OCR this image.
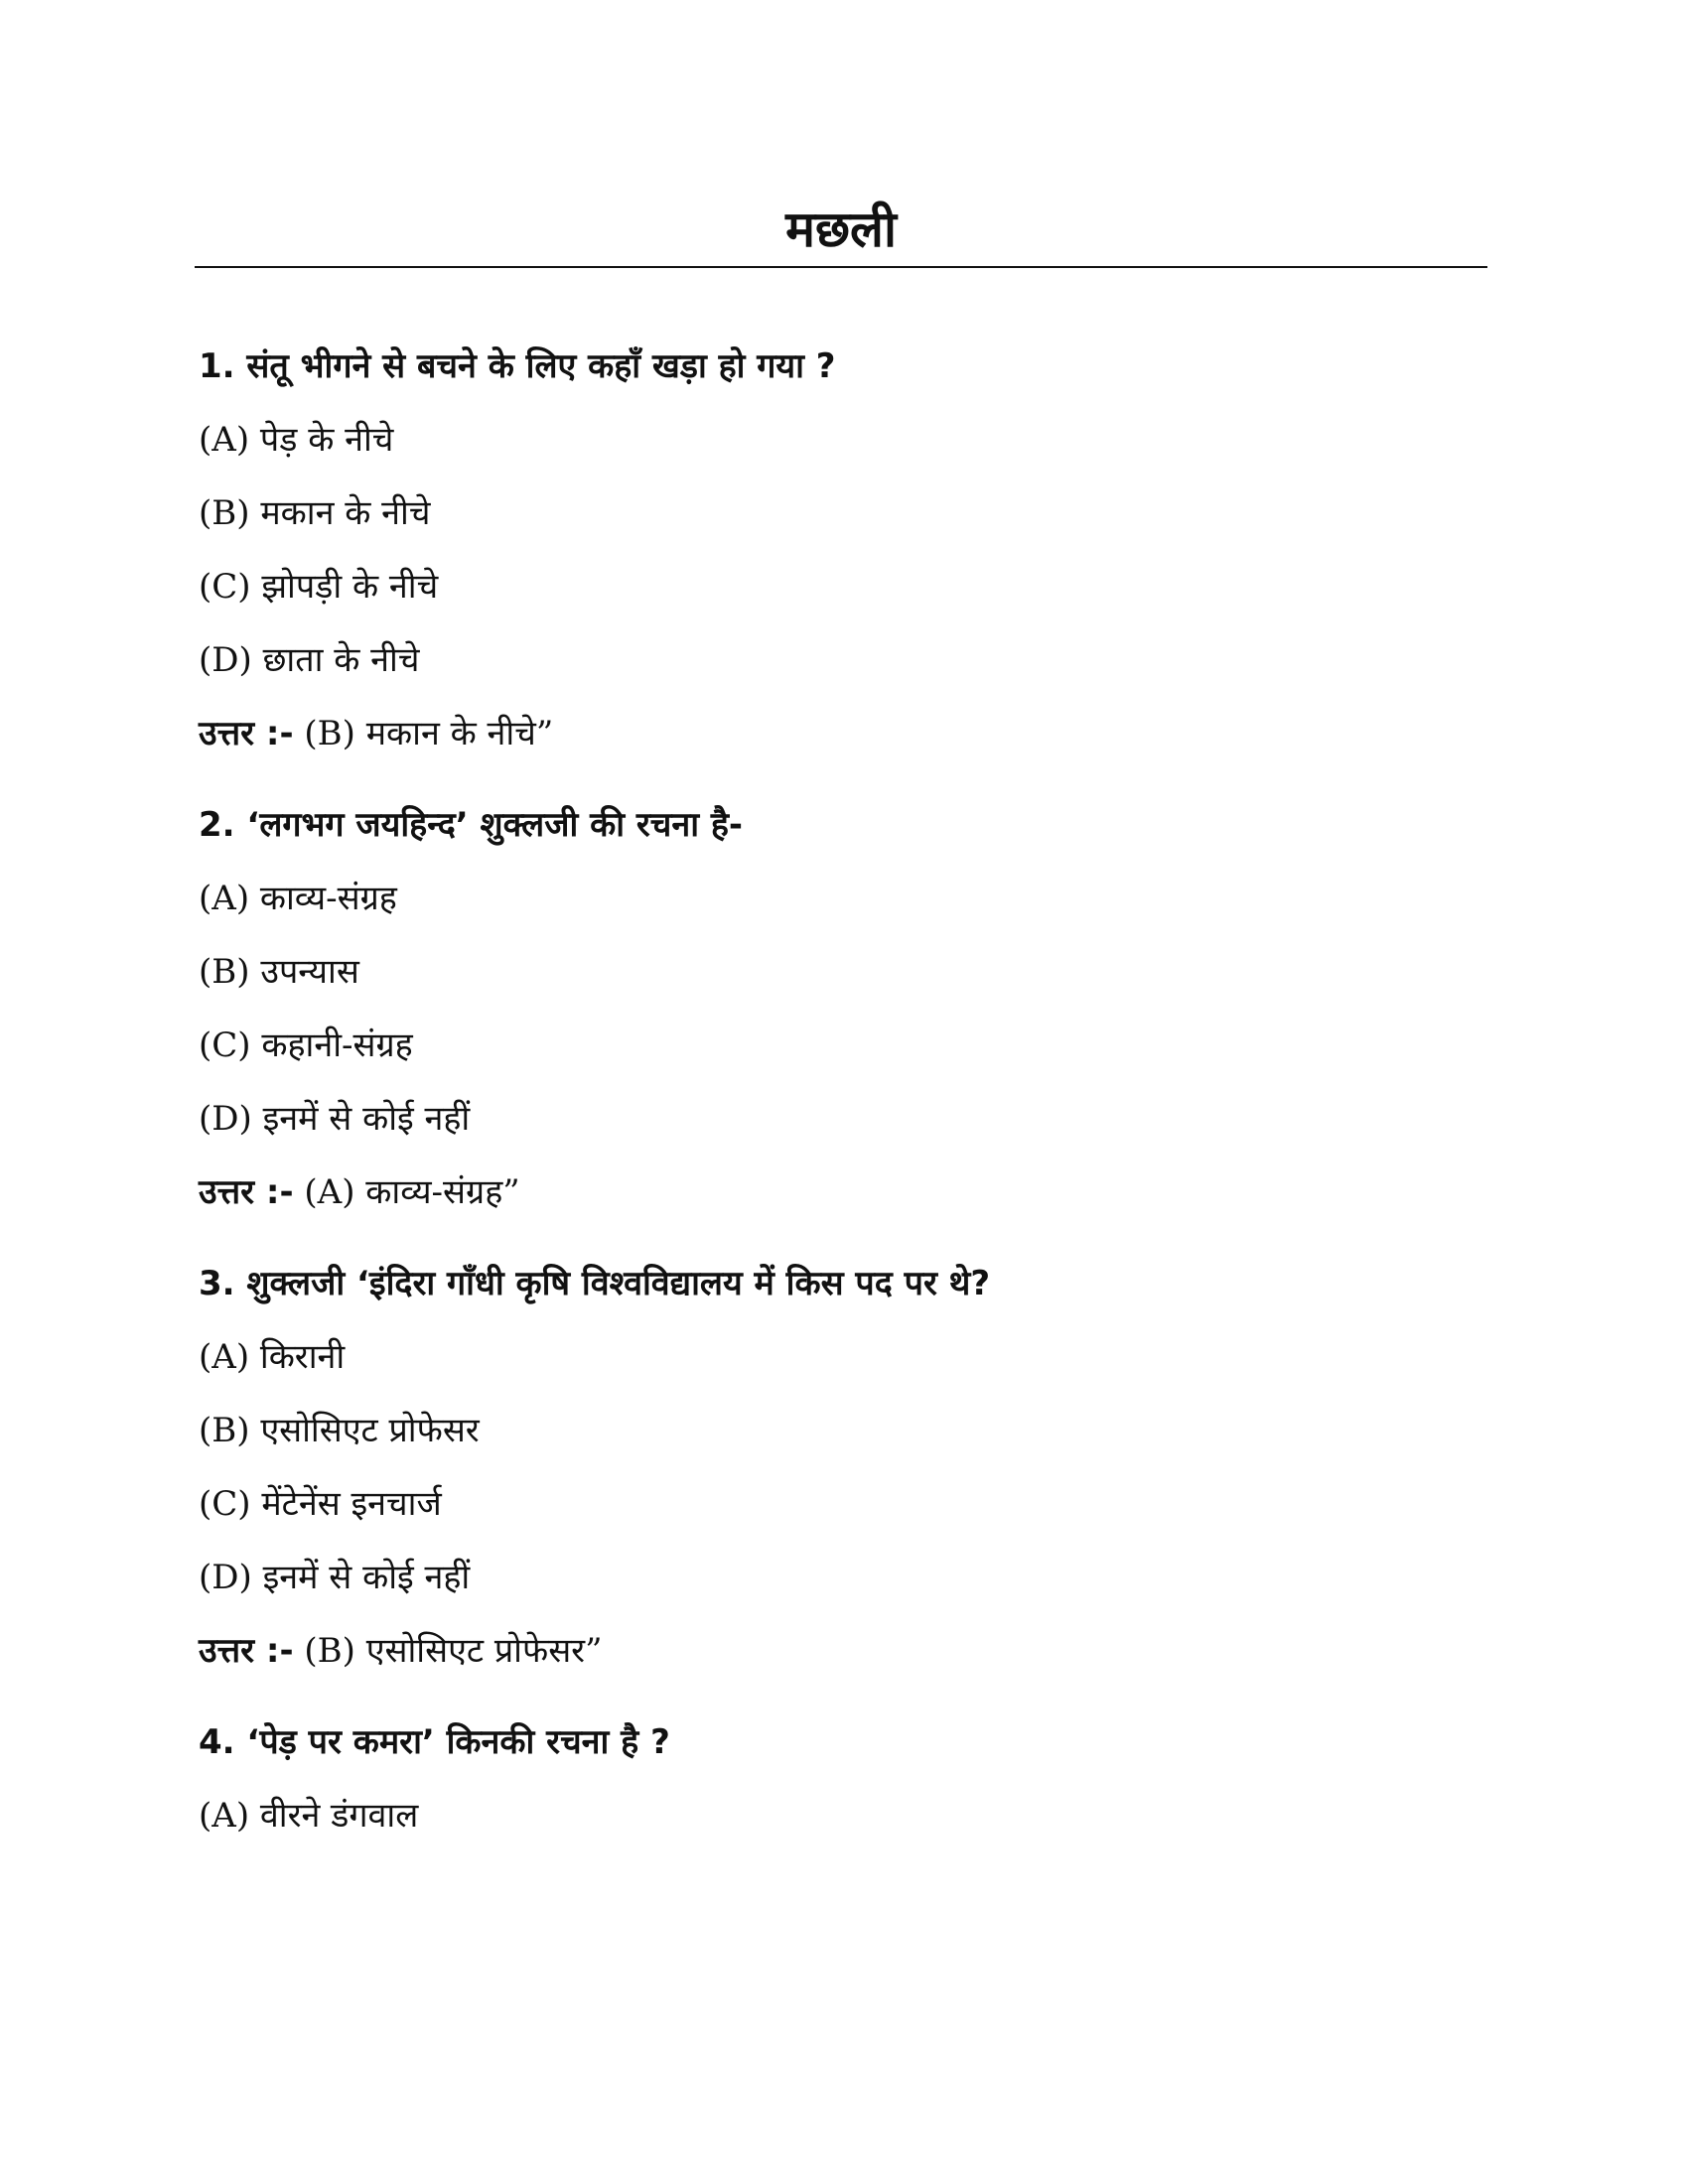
मछली

1. संतू भीगने से बचने के लिए कहाँ खड़ा हो गया ?

(A) पेड़ के नीचे
(B) मकान के नीचे
(C) झोपड़ी के नीचे
(D) छाता के नीचे
उत्तर :- (B) मकान के नीचे”

2. ‘लगभग जयहिन्द’ शुक्लजी की रचना है-

(A) काव्य-संग्रह
(B) उपन्यास
(C) कहानी-संग्रह
(D) इनमें से कोई नहीं
उत्तर :- (A) काव्य-संग्रह”

3. शुक्लजी ‘इंदिरा गाँधी कृषि विश्वविद्यालय में किस पद पर थे?

(A) किरानी
(B) एसोसिएट प्रोफेसर
(C) मेंटेनेंस इनचार्ज
(D) इनमें से कोई नहीं
उत्तर :- (B) एसोसिएट प्रोफेसर”

4. ‘पेड़ पर कमरा’ किनकी रचना है ?

(A) वीरने डंगवाल
